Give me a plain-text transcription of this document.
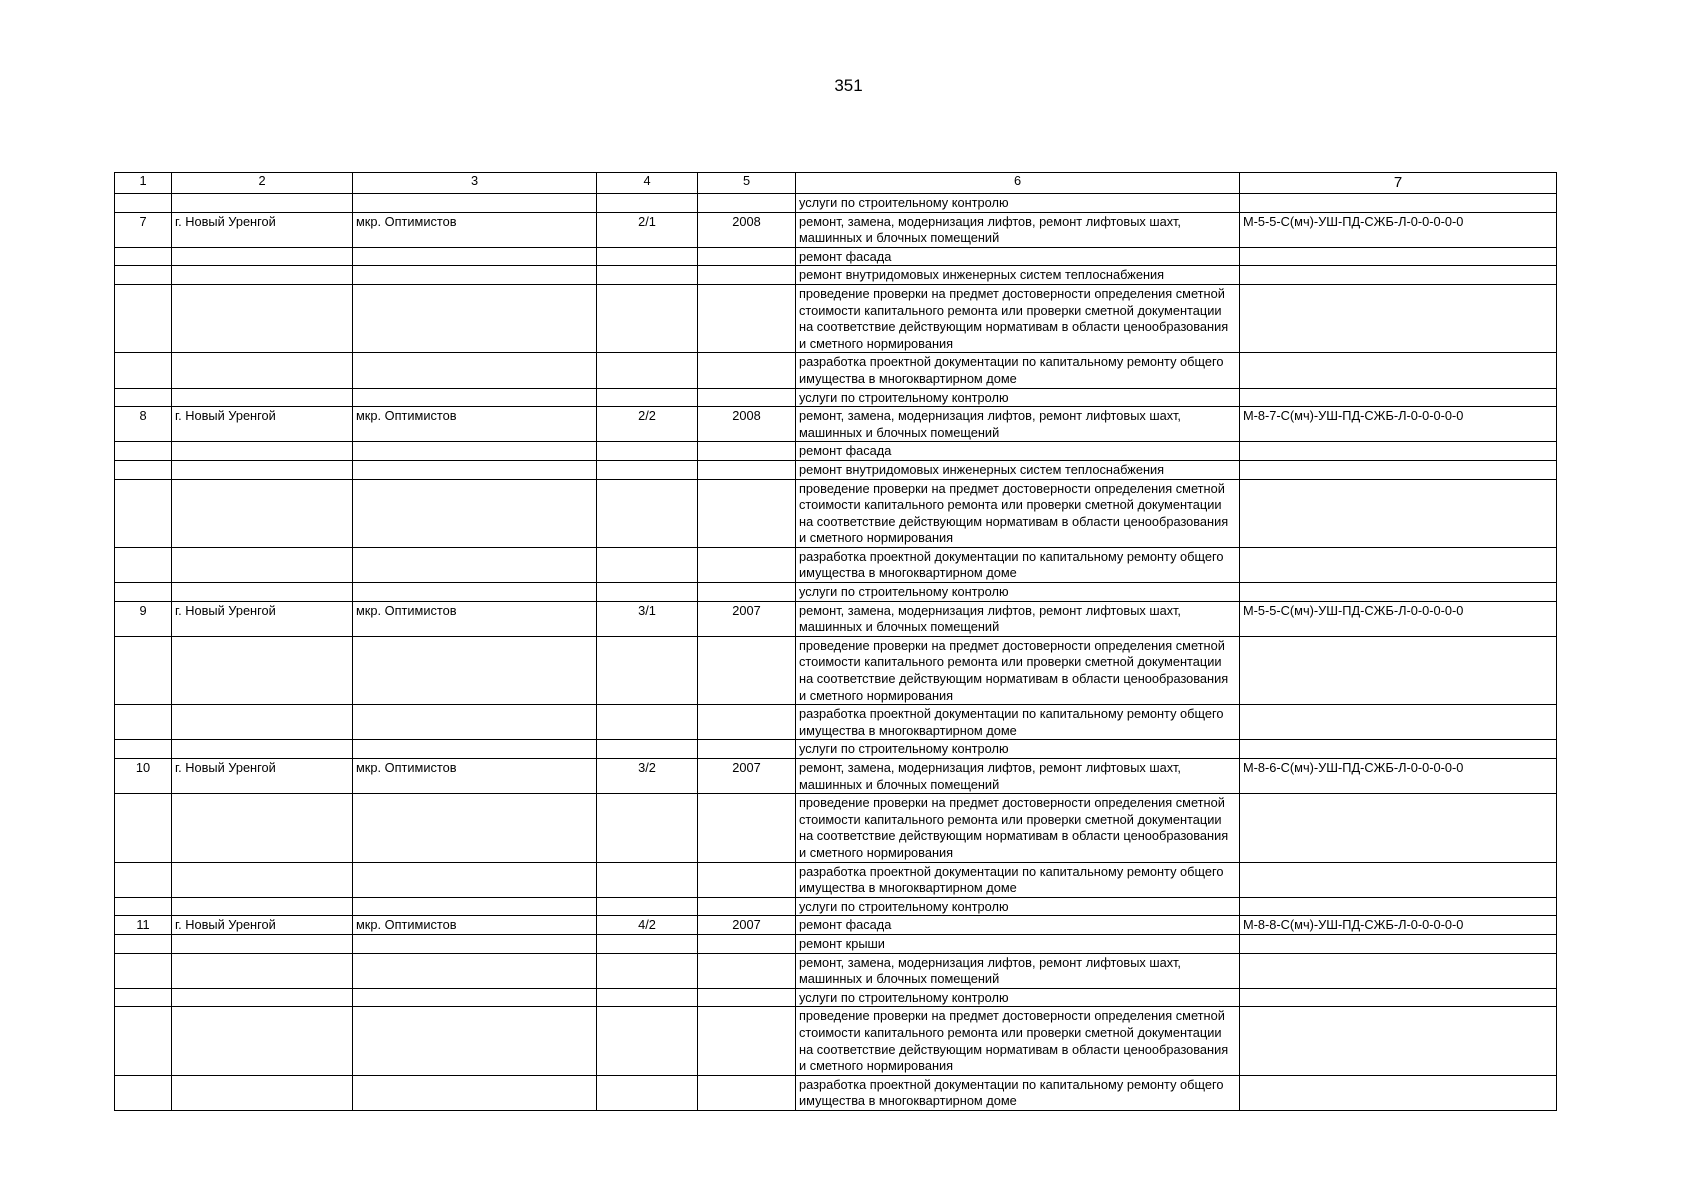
351
1	2	3	4	5	6	7
					услуги по строительному контролю	
7	г. Новый Уренгой	мкр. Оптимистов	2/1	2008	ремонт, замена, модернизация лифтов, ремонт лифтовых шахт, машинных и блочных помещений	М-5-5-С(мч)-УШ-ПД-СЖБ-Л-0-0-0-0-0
					ремонт фасада	
					ремонт внутридомовых инженерных систем теплоснабжения	
					проведение проверки на предмет достоверности определения сметной стоимости капитального ремонта или проверки сметной документации на соответствие действующим нормативам в области ценообразования и сметного нормирования	
					разработка проектной документации по капитальному ремонту общего имущества в многоквартирном доме	
					услуги по строительному контролю	
8	г. Новый Уренгой	мкр. Оптимистов	2/2	2008	ремонт, замена, модернизация лифтов, ремонт лифтовых шахт, машинных и блочных помещений	М-8-7-С(мч)-УШ-ПД-СЖБ-Л-0-0-0-0-0
					ремонт фасада	
					ремонт внутридомовых инженерных систем теплоснабжения	
					проведение проверки на предмет достоверности определения сметной стоимости капитального ремонта или проверки сметной документации на соответствие действующим нормативам в области ценообразования и сметного нормирования	
					разработка проектной документации по капитальному ремонту общего имущества в многоквартирном доме	
					услуги по строительному контролю	
9	г. Новый Уренгой	мкр. Оптимистов	3/1	2007	ремонт, замена, модернизация лифтов, ремонт лифтовых шахт, машинных и блочных помещений	М-5-5-С(мч)-УШ-ПД-СЖБ-Л-0-0-0-0-0
					проведение проверки на предмет достоверности определения сметной стоимости капитального ремонта или проверки сметной документации на соответствие действующим нормативам в области ценообразования и сметного нормирования	
					разработка проектной документации по капитальному ремонту общего имущества в многоквартирном доме	
					услуги по строительному контролю	
10	г. Новый Уренгой	мкр. Оптимистов	3/2	2007	ремонт, замена, модернизация лифтов, ремонт лифтовых шахт, машинных и блочных помещений	М-8-6-С(мч)-УШ-ПД-СЖБ-Л-0-0-0-0-0
					проведение проверки на предмет достоверности определения сметной стоимости капитального ремонта или проверки сметной документации на соответствие действующим нормативам в области ценообразования и сметного нормирования	
					разработка проектной документации по капитальному ремонту общего имущества в многоквартирном доме	
					услуги по строительному контролю	
11	г. Новый Уренгой	мкр. Оптимистов	4/2	2007	ремонт фасада	М-8-8-С(мч)-УШ-ПД-СЖБ-Л-0-0-0-0-0
					ремонт крыши	
					ремонт, замена, модернизация лифтов, ремонт лифтовых шахт, машинных и блочных помещений	
					услуги по строительному контролю	
					проведение проверки на предмет достоверности определения сметной стоимости капитального ремонта или проверки сметной документации на соответствие действующим нормативам в области ценообразования и сметного нормирования	
					разработка проектной документации по капитальному ремонту общего имущества в многоквартирном доме	
